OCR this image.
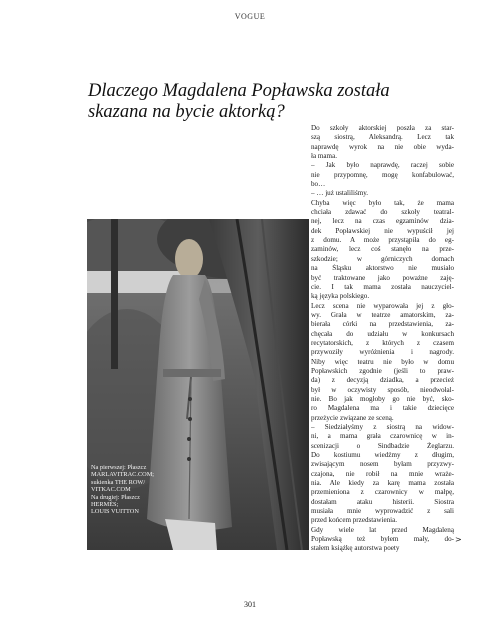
VOGUE
Dlaczego Magdalena Popławska została
skazana na bycie aktorką?
Na pierwszej: Płaszcz
MARLAVITRAC.COM;
sukienka THE ROW/
VITKAC.COM
Na drugiej: Płaszcz
HERMÈS;
LOUIS VUITTON
Do szkoły aktorskiej poszła za star-
szą siostrą, Aleksandrą. Lecz tak
naprawdę wyrok na nie obie wyda-
ła mama.
– Jak było naprawdę, raczej sobie
nie przypomnę, mogę konfabulować,
bo…
– … już ustaliliśmy.
Chyba więc było tak, że mama
chciała zdawać do szkoły teatral-
nej, lecz na czas egzaminów dzia-
dek Popławskiej nie wypuścił jej
z domu. A może przystąpiła do eg-
zaminów, lecz coś stanęło na prze-
szkodzie; w górniczych domach
na Śląsku aktorstwo nie musiało
być traktowane jako poważne zaję-
cie. I tak mama została nauczyciel-
ką języka polskiego.
Lecz scena nie wyparowała jej z gło-
wy. Grała w teatrze amatorskim, za-
bierała córki na przedstawienia, za-
chęcała do udziału w konkursach
recytatorskich, z których z czasem
przywoziły wyróżnienia i nagrody.
Niby więc teatru nie było w domu
Popławskich zgodnie (jeśli to praw-
da) z decyzją dziadka, a przecież
był w oczywisty sposób, nieodwołal-
nie. Bo jak mogłoby go nie być, sko-
ro Magdalena ma i takie dziecięce
przeżycie związane ze sceną.
– Siedziałyśmy z siostrą na widow-
ni, a mama grała czarownicę w in-
scenizacji o Sindbadzie Żeglarzu.
Do kostiumu wiedźmy z długim,
zwisającym nosem byłam przyzwy-
czajona, nie robił na mnie wraże-
nia. Ale kiedy za karę mama została
przemieniona z czarownicy w małpę,
dostałam ataku histerii. Siostra
musiała mnie wyprowadzić z sali
przed końcem przedstawienia.
Gdy wiele lat przed Magdaleną
Popławską też byłem mały, do-
stałem książkę autorstwa poety
>
301
